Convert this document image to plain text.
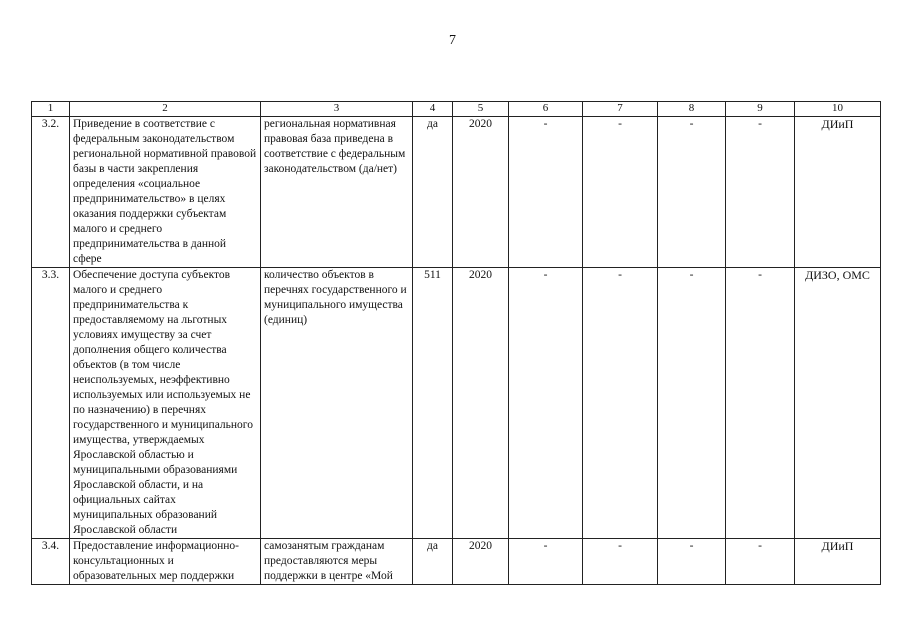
7
1	2	3	4	5	6	7	8	9	10
3.2.	Приведение в соответствие с федеральным законодательством региональной нормативной правовой базы в части закрепления определения «социальное предпринимательство» в целях оказания поддержки субъектам малого и среднего предпринимательства в данной сфере	региональная нормативная правовая база приведена в соответствие с федеральным законодательством (да/нет)	да	2020	-	-	-	-	ДИиП
3.3.	Обеспечение доступа субъектов малого и среднего предпринимательства к предоставляемому на льготных условиях имуществу за счет дополнения общего количества объектов (в том числе неиспользуемых, неэффективно используемых или используемых не по назначению) в перечнях государственного и муниципального имущества, утверждаемых Ярославской областью и муниципальными образованиями Ярославской области, и на официальных сайтах муниципальных образований Ярославской области	количество объектов в перечнях государственного и муниципального имущества (единиц)	511	2020	-	-	-	-	ДИЗО, ОМС
3.4.	Предоставление информационно-консультационных и образовательных мер поддержки	самозанятым гражданам предоставляются меры поддержки в центре «Мой	да	2020	-	-	-	-	ДИиП
